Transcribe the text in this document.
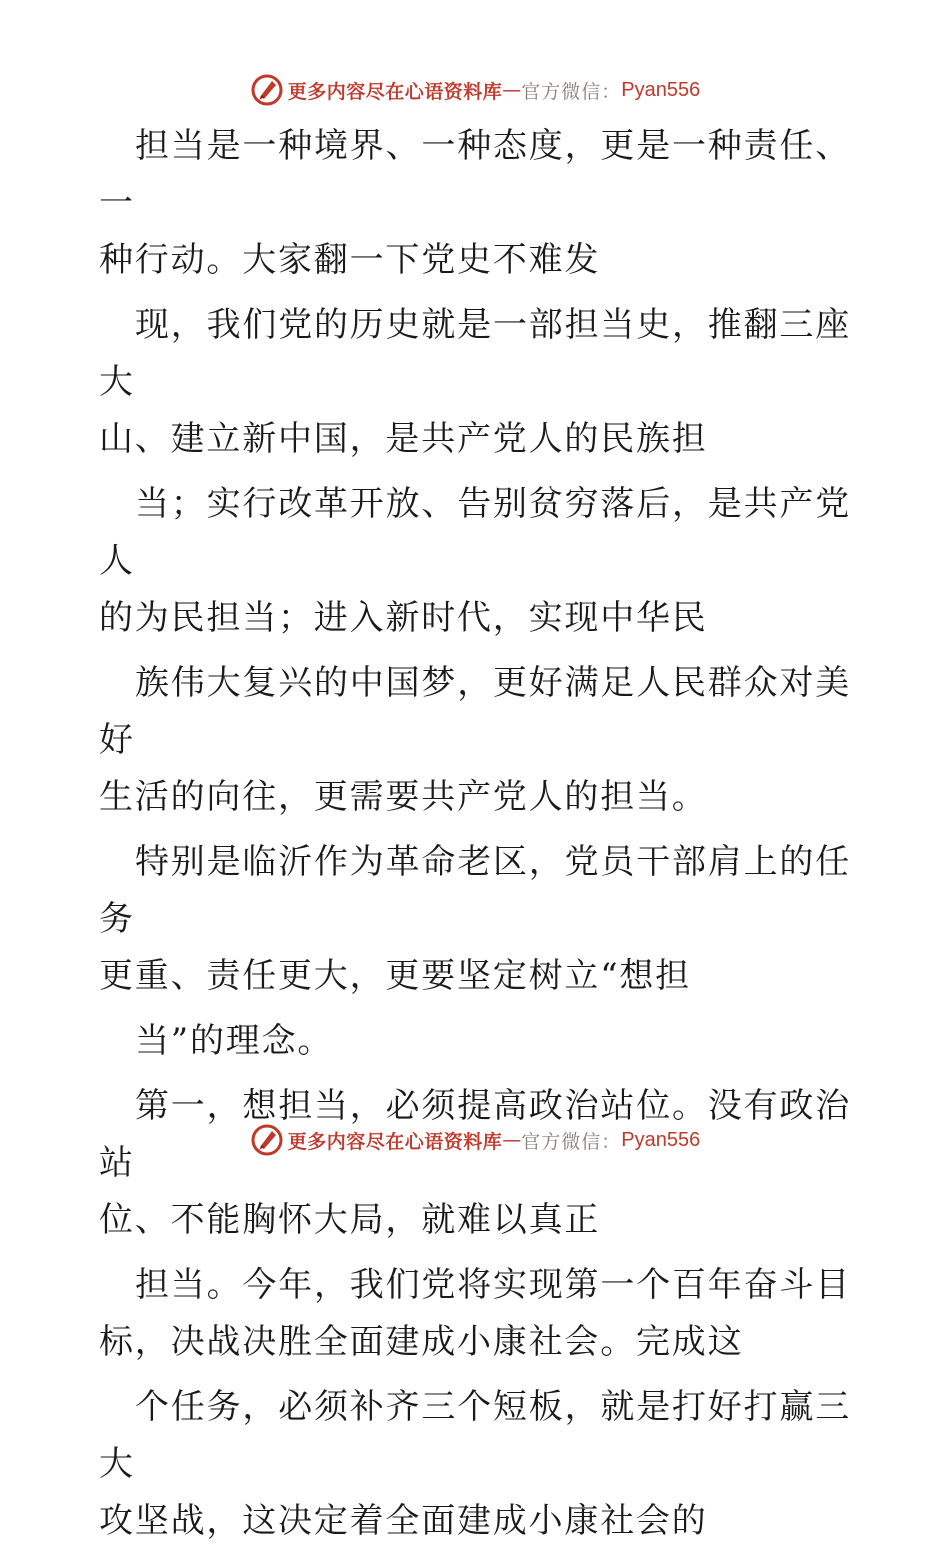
更多内容尽在心语资料库 — 官方微信： Pyan556

担当是一种境界、一种态度，更是一种责任、一
种行动。大家翻一下党史不难发

现，我们党的历史就是一部担当史，推翻三座大
山、建立新中国，是共产党人的民族担

当；实行改革开放、告别贫穷落后，是共产党人
的为民担当；进入新时代，实现中华民

族伟大复兴的中国梦，更好满足人民群众对美好
生活的向往，更需要共产党人的担当。

特别是临沂作为革命老区，党员干部肩上的任务
更重、责任更大，更要坚定树立“想担

当”的理念。

第一，想担当，必须提高政治站位。没有政治站
位、不能胸怀大局，就难以真正

担当。今年，我们党将实现第一个百年奋斗目
标，决战决胜全面建成小康社会。完成这

个任务，必须补齐三个短板，就是打好打赢三大
攻坚战，这决定着全面建成小康社会的

更多内容尽在心语资料库 — 官方微信： Pyan556
